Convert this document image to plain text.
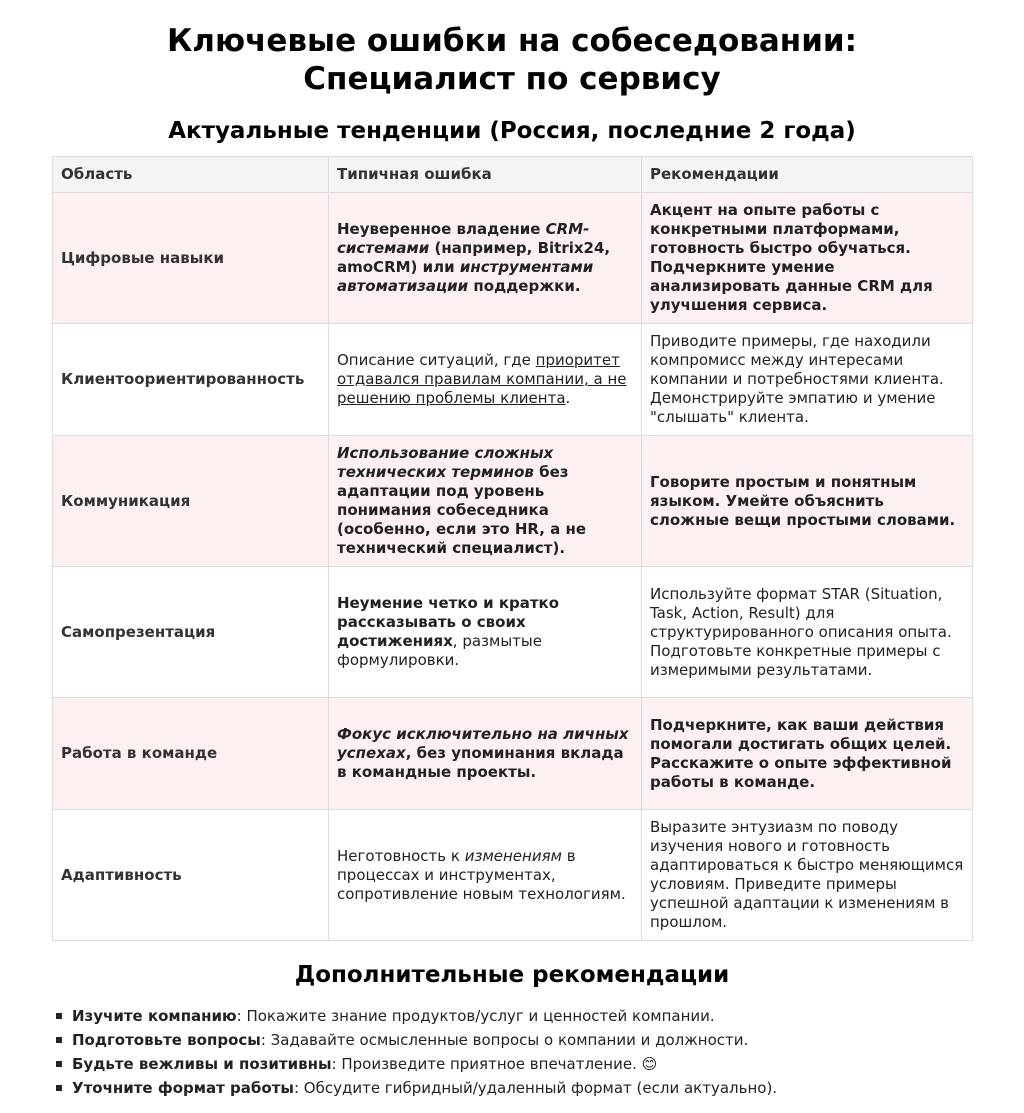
Ключевые ошибки на собеседовании:
Специалист по сервису
Актуальные тенденции (Россия, последние 2 года)
Область	Типичная ошибка	Рекомендации
Цифровые навыки	Неуверенное владение CRM-системами (например, Bitrix24, amoCRM) или инструментами автоматизации поддержки.	Акцент на опыте работы с конкретными платформами, готовность быстро обучаться. Подчеркните умение анализировать данные CRM для улучшения сервиса.
Клиентоориентированность	Описание ситуаций, где приоритет отдавался правилам компании, а не решению проблемы клиента.	Приводите примеры, где находили компромисс между интересами компании и потребностями клиента. Демонстрируйте эмпатию и умение "слышать" клиента.
Коммуникация	Использование сложных технических терминов без адаптации под уровень понимания собеседника (особенно, если это HR, а не технический специалист).	Говорите простым и понятным языком. Умейте объяснить сложные вещи простыми словами.
Самопрезентация	Неумение четко и кратко рассказывать о своих достижениях, размытые формулировки.	Используйте формат STAR (Situation, Task, Action, Result) для структурированного описания опыта. Подготовьте конкретные примеры с измеримыми результатами.
Работа в команде	Фокус исключительно на личных успехах, без упоминания вклада в командные проекты.	Подчеркните, как ваши действия помогали достигать общих целей. Расскажите о опыте эффективной работы в команде.
Адаптивность	Неготовность к изменениям в процессах и инструментах, сопротивление новым технологиям.	Выразите энтузиазм по поводу изучения нового и готовность адаптироваться к быстро меняющимся условиям. Приведите примеры успешной адаптации к изменениям в прошлом.
Дополнительные рекомендации
Изучите компанию: Покажите знание продуктов/услуг и ценностей компании.
Подготовьте вопросы: Задавайте осмысленные вопросы о компании и должности.
Будьте вежливы и позитивны: Произведите приятное впечатление. 😊
Уточните формат работы: Обсудите гибридный/удаленный формат (если актуально).
